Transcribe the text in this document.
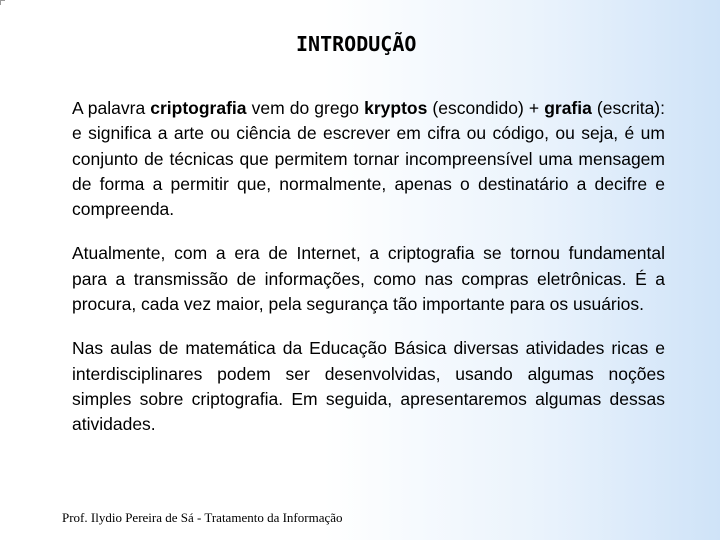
INTRODUÇÃO

A palavra criptografia vem do grego kryptos (escondido) + grafia (escrita): e significa a arte ou ciência de escrever em cifra ou código, ou seja, é um conjunto de técnicas que permitem tornar incompreensível uma mensagem de forma a permitir que, normalmente, apenas o destinatário a decifre e compreenda.

Atualmente, com a era de Internet, a criptografia se tornou fundamental para a transmissão de informações, como nas compras eletrônicas. É a procura, cada vez maior, pela segurança tão importante para os usuários.

Nas aulas de matemática da Educação Básica diversas atividades ricas e interdisciplinares podem ser desenvolvidas, usando algumas noções simples sobre criptografia. Em seguida, apresentaremos algumas dessas atividades.

Prof. Ilydio Pereira de Sá - Tratamento da Informação
